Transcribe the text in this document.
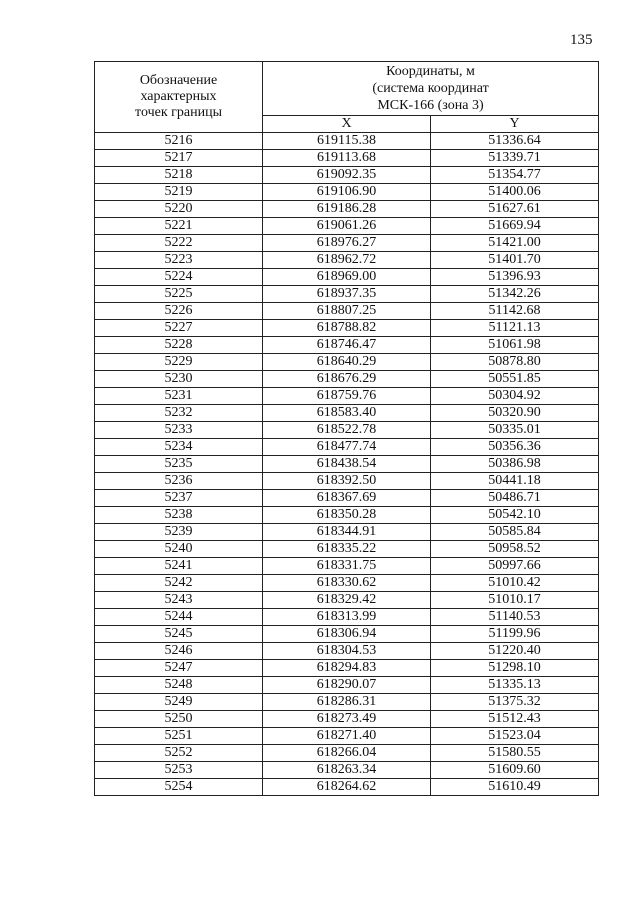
135
Обозначение
характерных
точек границы	Координаты, м
(система координат
МСК-166 (зона 3)	

	X	Y
5216	619115.38	51336.64
5217	619113.68	51339.71
5218	619092.35	51354.77
5219	619106.90	51400.06
5220	619186.28	51627.61
5221	619061.26	51669.94
5222	618976.27	51421.00
5223	618962.72	51401.70
5224	618969.00	51396.93
5225	618937.35	51342.26
5226	618807.25	51142.68
5227	618788.82	51121.13
5228	618746.47	51061.98
5229	618640.29	50878.80
5230	618676.29	50551.85
5231	618759.76	50304.92
5232	618583.40	50320.90
5233	618522.78	50335.01
5234	618477.74	50356.36
5235	618438.54	50386.98
5236	618392.50	50441.18
5237	618367.69	50486.71
5238	618350.28	50542.10
5239	618344.91	50585.84
5240	618335.22	50958.52
5241	618331.75	50997.66
5242	618330.62	51010.42
5243	618329.42	51010.17
5244	618313.99	51140.53
5245	618306.94	51199.96
5246	618304.53	51220.40
5247	618294.83	51298.10
5248	618290.07	51335.13
5249	618286.31	51375.32
5250	618273.49	51512.43
5251	618271.40	51523.04
5252	618266.04	51580.55
5253	618263.34	51609.60
5254	618264.62	51610.49
